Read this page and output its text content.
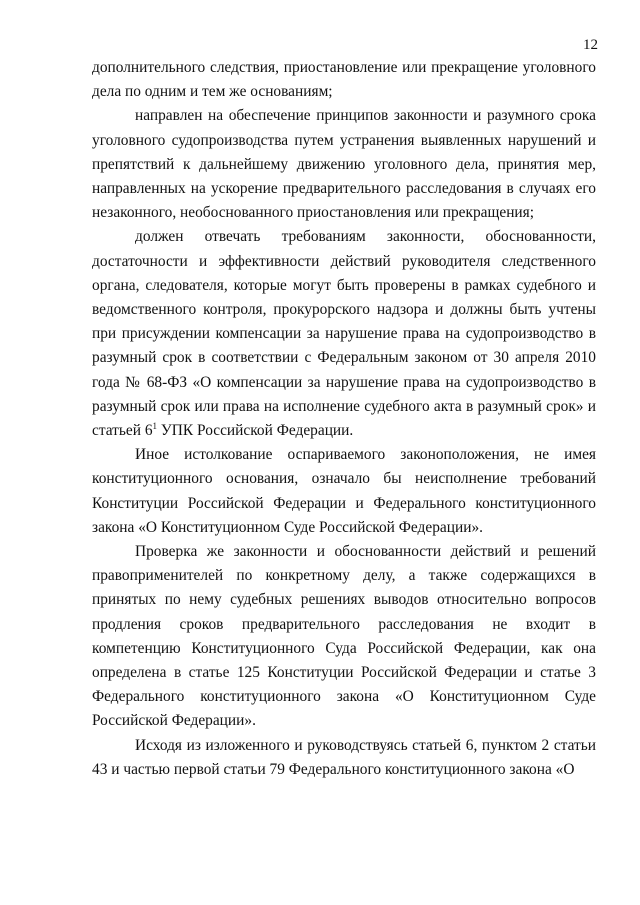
12

дополнительного следствия, приостановление или прекращение уголовного дела по одним и тем же основаниям;

направлен на обеспечение принципов законности и разумного срока уголовного судопроизводства путем устранения выявленных нарушений и препятствий к дальнейшему движению уголовного дела, принятия мер, направленных на ускорение предварительного расследования в случаях его незаконного, необоснованного приостановления или прекращения;

должен отвечать требованиям законности, обоснованности, достаточности и эффективности действий руководителя следственного органа, следователя, которые могут быть проверены в рамках судебного и ведомственного контроля, прокурорского надзора и должны быть учтены при присуждении компенсации за нарушение права на судопроизводство в разумный срок в соответствии с Федеральным законом от 30 апреля 2010 года № 68-ФЗ «О компенсации за нарушение права на судопроизводство в разумный срок или права на исполнение судебного акта в разумный срок» и статьей $6^1$ УПК Российской Федерации.

Иное истолкование оспариваемого законоположения, не имея конституционного основания, означало бы неисполнение требований Конституции Российской Федерации и Федерального конституционного закона «О Конституционном Суде Российской Федерации».

Проверка же законности и обоснованности действий и решений правоприменителей по конкретному делу, а также содержащихся в принятых по нему судебных решениях выводов относительно вопросов продления сроков предварительного расследования не входит в компетенцию Конституционного Суда Российской Федерации, как она определена в статье 125 Конституции Российской Федерации и статье 3 Федерального конституционного закона «О Конституционном Суде Российской Федерации».

Исходя из изложенного и руководствуясь статьей 6, пунктом 2 статьи 43 и частью первой статьи 79 Федерального конституционного закона «О
